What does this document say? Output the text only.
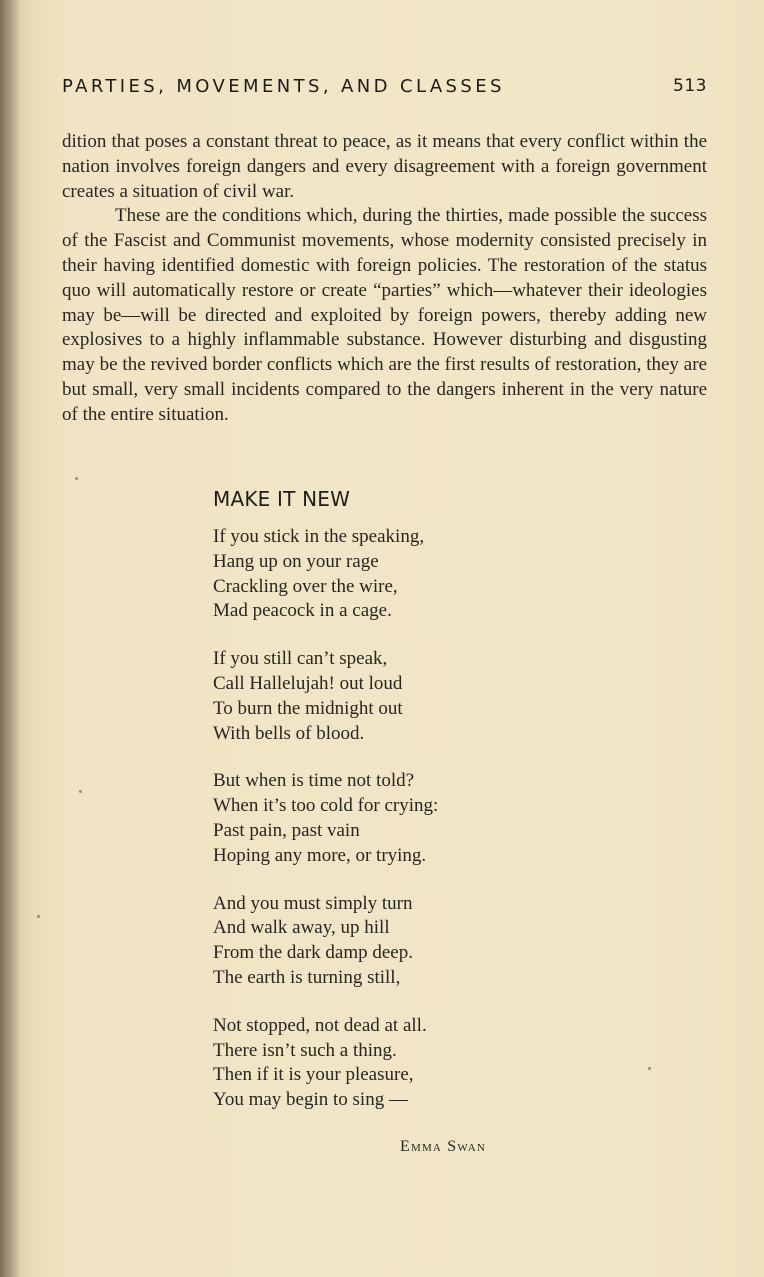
PARTIES, MOVEMENTS, AND CLASSES	513

dition that poses a constant threat to peace, as it means that every conflict within the nation involves foreign dangers and every disagreement with a foreign government creates a situation of civil war.

These are the conditions which, during the thirties, made possible the success of the Fascist and Communist movements, whose modernity consisted precisely in their having identified domestic with foreign policies. The restoration of the status quo will automatically restore or create “parties” which—whatever their ideologies may be—will be directed and exploited by foreign powers, thereby adding new explosives to a highly inflammable substance. However disturbing and disgusting may be the revived border conflicts which are the first results of restoration, they are but small, very small incidents compared to the dangers inherent in the very nature of the entire situation.

MAKE IT NEW
If you stick in the speaking,
Hang up on your rage
Crackling over the wire,
Mad peacock in a cage.
If you still can’t speak,
Call Hallelujah! out loud
To burn the midnight out
With bells of blood.
But when is time not told?
When it’s too cold for crying:
Past pain, past vain
Hoping any more, or trying.
And you must simply turn
And walk away, up hill
From the dark damp deep.
The earth is turning still,
Not stopped, not dead at all.
There isn’t such a thing.
Then if it is your pleasure,
You may begin to sing —
Emma Swan
